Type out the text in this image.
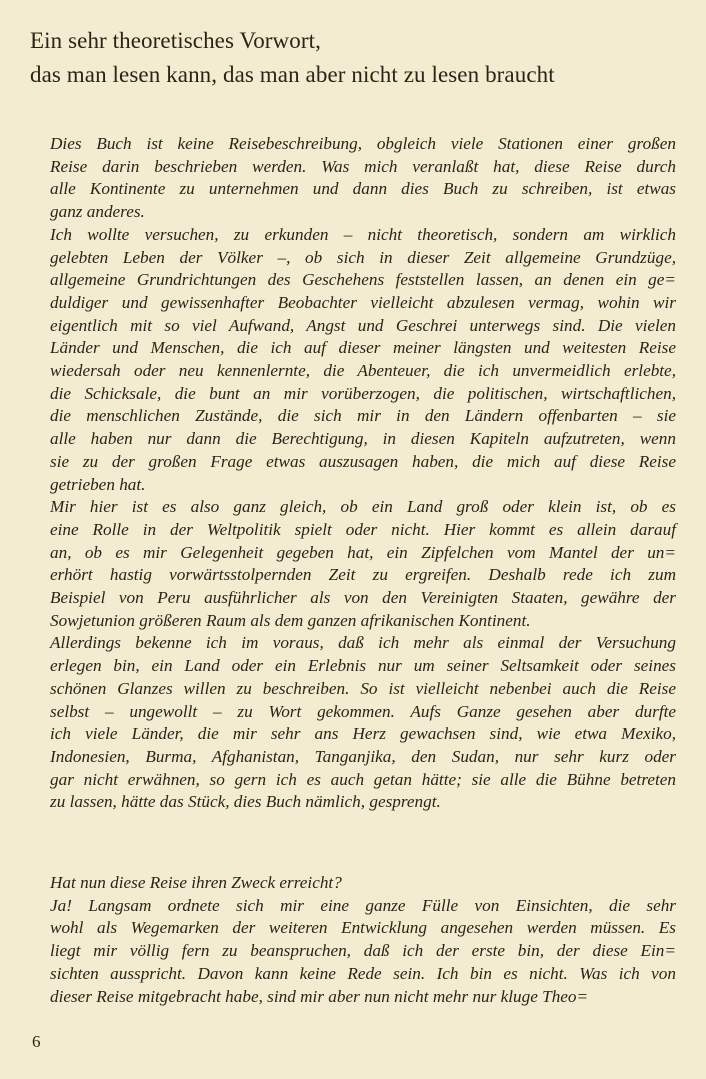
Ein sehr theoretisches Vorwort,
das man lesen kann, das man aber nicht zu lesen braucht

Dies Buch ist keine Reisebeschreibung, obgleich viele Stationen einer großen
Reise darin beschrieben werden. Was mich veranlaßt hat, diese Reise durch
alle Kontinente zu unternehmen und dann dies Buch zu schreiben, ist etwas
ganz anderes.

Ich wollte versuchen, zu erkunden – nicht theoretisch, sondern am wirklich
gelebten Leben der Völker –, ob sich in dieser Zeit allgemeine Grundzüge,
allgemeine Grundrichtungen des Geschehens feststellen lassen, an denen ein ge=
duldiger und gewissenhafter Beobachter vielleicht abzulesen vermag, wohin wir
eigentlich mit so viel Aufwand, Angst und Geschrei unterwegs sind. Die vielen
Länder und Menschen, die ich auf dieser meiner längsten und weitesten Reise
wiedersah oder neu kennenlernte, die Abenteuer, die ich unvermeidlich erlebte,
die Schicksale, die bunt an mir vorüberzogen, die politischen, wirtschaftlichen,
die menschlichen Zustände, die sich mir in den Ländern offenbarten – sie
alle haben nur dann die Berechtigung, in diesen Kapiteln aufzutreten, wenn
sie zu der großen Frage etwas auszusagen haben, die mich auf diese Reise
getrieben hat.

Mir hier ist es also ganz gleich, ob ein Land groß oder klein ist, ob es
eine Rolle in der Weltpolitik spielt oder nicht. Hier kommt es allein darauf
an, ob es mir Gelegenheit gegeben hat, ein Zipfelchen vom Mantel der un=
erhört hastig vorwärtsstolpernden Zeit zu ergreifen. Deshalb rede ich zum
Beispiel von Peru ausführlicher als von den Vereinigten Staaten, gewähre der
Sowjetunion größeren Raum als dem ganzen afrikanischen Kontinent.

Allerdings bekenne ich im voraus, daß ich mehr als einmal der Versuchung
erlegen bin, ein Land oder ein Erlebnis nur um seiner Seltsamkeit oder seines
schönen Glanzes willen zu beschreiben. So ist vielleicht nebenbei auch die Reise
selbst – ungewollt – zu Wort gekommen. Aufs Ganze gesehen aber durfte
ich viele Länder, die mir sehr ans Herz gewachsen sind, wie etwa Mexiko,
Indonesien, Burma, Afghanistan, Tanganjika, den Sudan, nur sehr kurz oder
gar nicht erwähnen, so gern ich es auch getan hätte; sie alle die Bühne betreten
zu lassen, hätte das Stück, dies Buch nämlich, gesprengt.

Hat nun diese Reise ihren Zweck erreicht?

Ja! Langsam ordnete sich mir eine ganze Fülle von Einsichten, die sehr
wohl als Wegemarken der weiteren Entwicklung angesehen werden müssen. Es
liegt mir völlig fern zu beanspruchen, daß ich der erste bin, der diese Ein=
sichten ausspricht. Davon kann keine Rede sein. Ich bin es nicht. Was ich von
dieser Reise mitgebracht habe, sind mir aber nun nicht mehr nur kluge Theo=

6
